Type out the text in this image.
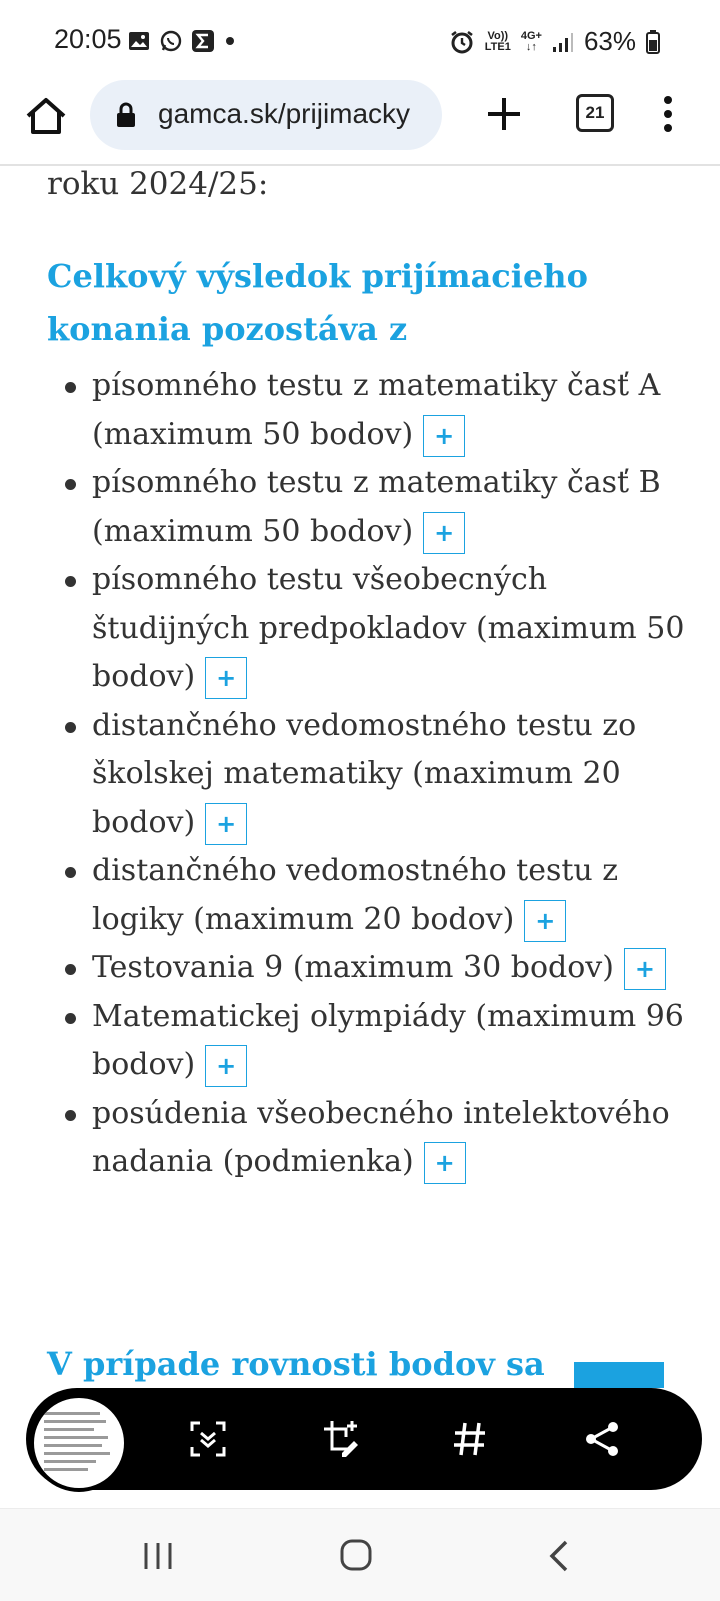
20:05	Vo))
LTE1
4G+
↓↑ 63%
gamca.sk/prijimacky	21
roku 2024/25:
Celkový výsledok prijímacieho konania pozostáva z
písomného testu z matematiky časť A (maximum 50 bodov) +
písomného testu z matematiky časť B (maximum 50 bodov) +
písomného testu všeobecných študijných predpokladov (maximum 50 bodov) +
distančného vedomostného testu zo školskej matematiky (maximum 20 bodov) +
distančného vedomostného testu z logiky (maximum 20 bodov) +
Testovania 9 (maximum 30 bodov) +
Matematickej olympiády (maximum 96 bodov) +
posúdenia všeobecného intelektového nadania (podmienka) +
V prípade rovnosti bodov sa
